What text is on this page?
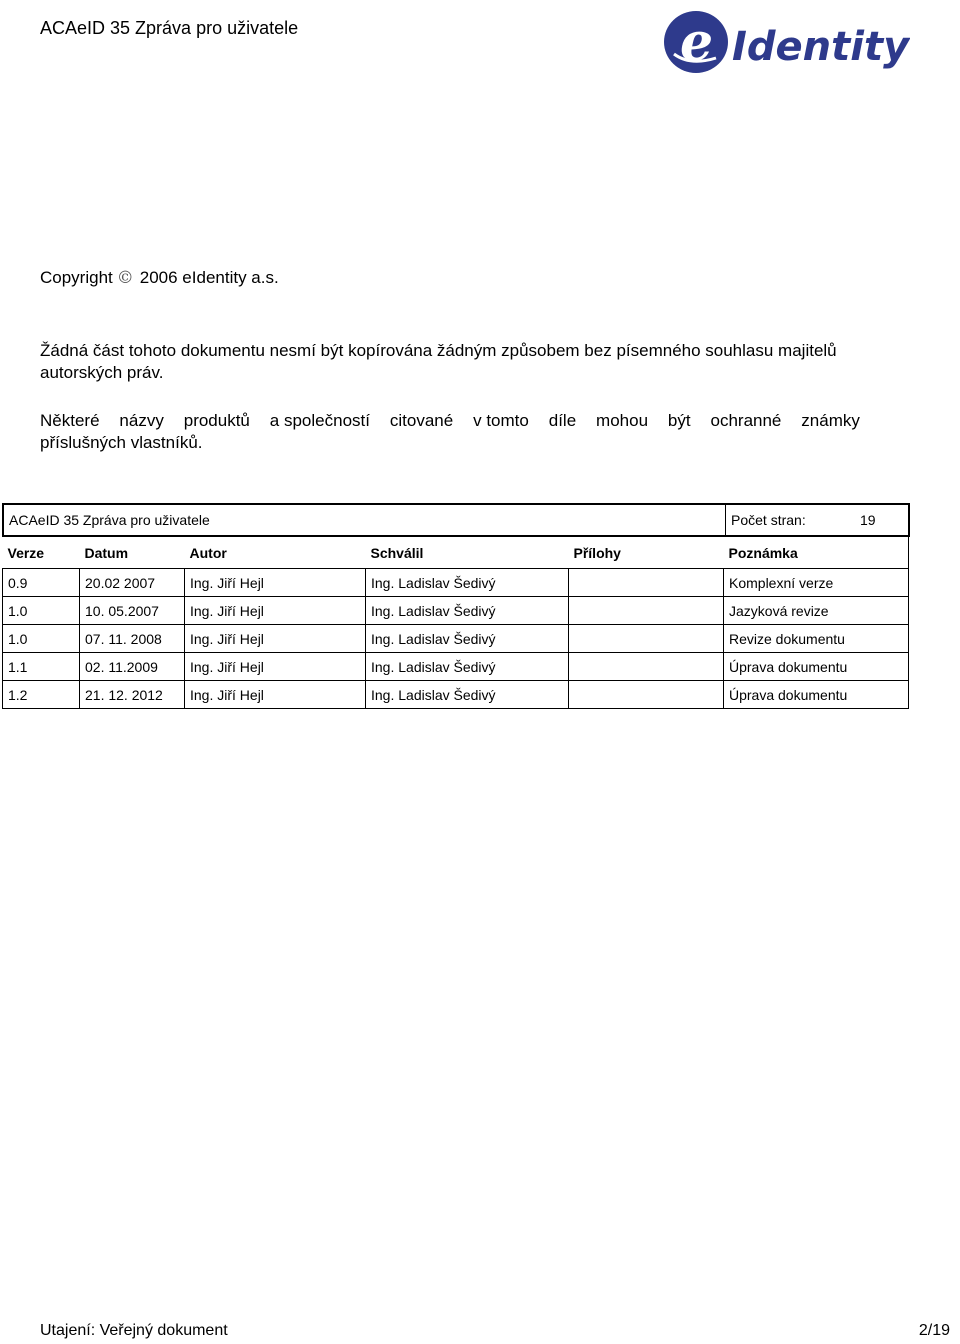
ACAeID 35 Zpráva pro uživatele	e Identity
Copyright © 2006 eIdentity a.s.
Žádná část tohoto dokumentu nesmí být kopírována žádným způsobem bez písemného souhlasu majitelů autorských práv.
Některé názvy produktů a společností citované v tomto díle mohou být ochranné známky
příslušných vlastníků.
ACAeID 35 Zpráva pro uživatele	Počet stran:	19
Verze	Datum	Autor	Schválil	Přílohy	Poznámka
0.9	20.02 2007	Ing. Jiří Hejl	Ing. Ladislav Šedivý		Komplexní verze
1.0	10. 05.2007	Ing. Jiří Hejl	Ing. Ladislav Šedivý		Jazyková revize
1.0	07. 11. 2008	Ing. Jiří Hejl	Ing. Ladislav Šedivý		Revize dokumentu
1.1	02. 11.2009	Ing. Jiří Hejl	Ing. Ladislav Šedivý		Úprava dokumentu
1.2	21. 12. 2012	Ing. Jiří Hejl	Ing. Ladislav Šedivý		Úprava dokumentu
Utajení: Veřejný dokument	2/19
